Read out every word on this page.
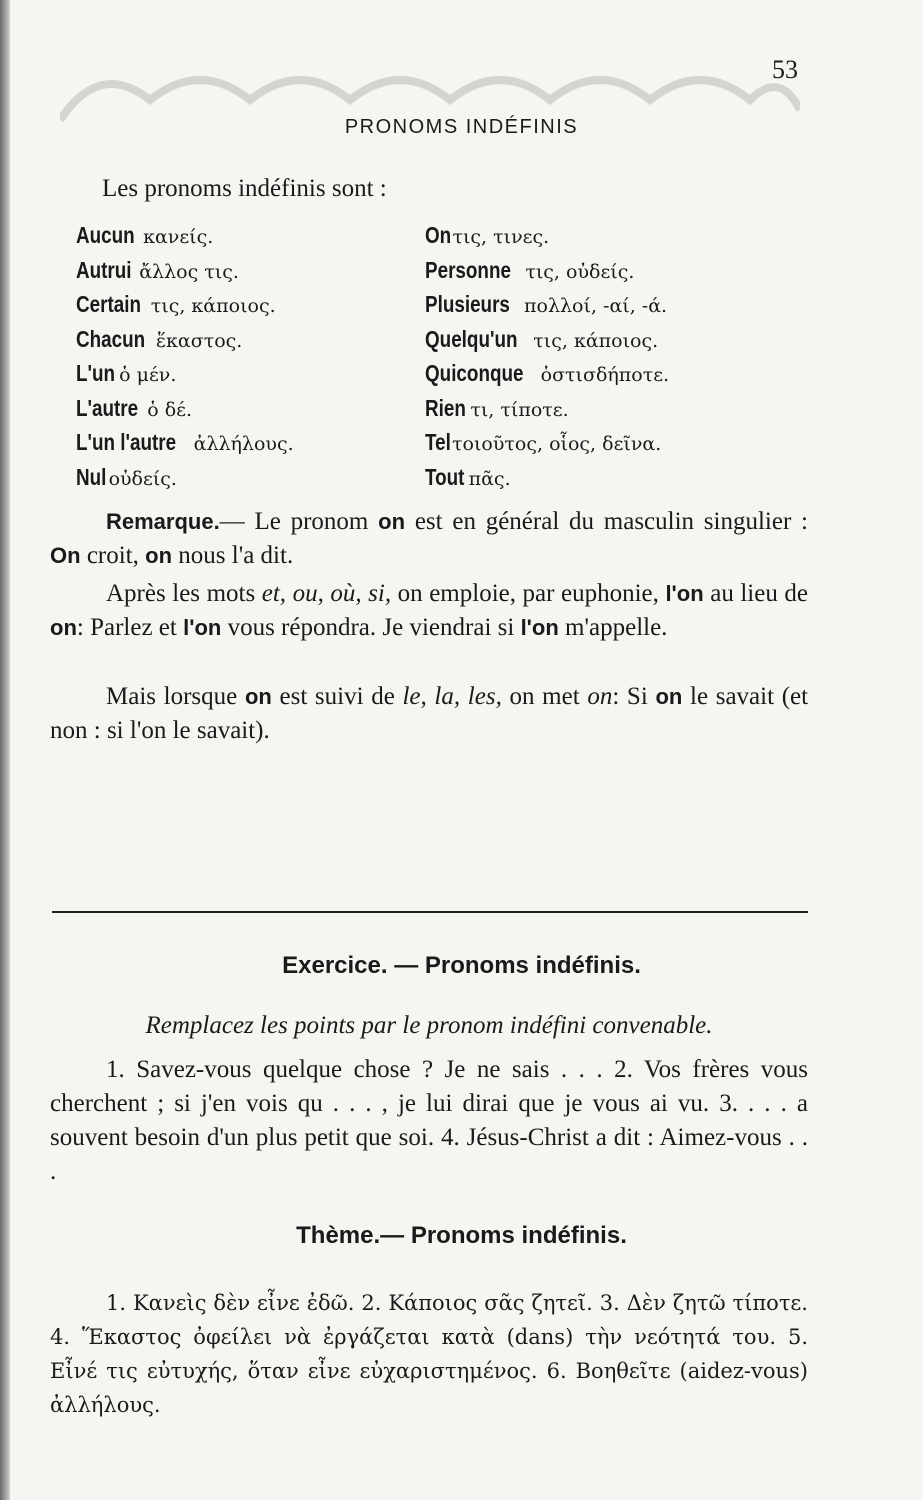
53
PRONOMS INDÉFINIS
Les pronoms indéfinis sont :
Aucun κανείς.
Autrui ἄλλος τις.
Certain τις, κάποιος.
Chacun ἕκαστος.
L'un ὁ μέν.
L'autre ὁ δέ.
L'un l'autre ἀλλήλους.
Nul οὐδείς.
On τις, τινες.
Personne τις, οὐδείς.
Plusieurs πολλοί, -αί, -ά.
Quelqu'un τις, κάποιος.
Quiconque ὁστισδήποτε.
Rien τι, τίποτε.
Tel τοιοῦτος, οἷος, δεῖνα.
Tout πᾶς.

Remarque.— Le pronom on est en général du masculin singulier : On croit, on nous l'a dit.

Après les mots et, ou, où, si, on emploie, par euphonie, l'on au lieu de on: Parlez et l'on vous répondra. Je viendrai si l'on m'appelle.

Mais lorsque on est suivi de le, la, les, on met on: Si on le savait (et non : si l'on le savait).

Exercice. — Pronoms indéfinis.
Remplacez les points par le pronom indéfini convenable.

1. Savez-vous quelque chose ? Je ne sais . . . 2. Vos frères vous cherchent ; si j'en vois qu . . . , je lui dirai que je vous ai vu. 3. . . . a souvent besoin d'un plus petit que soi. 4. Jésus-Christ a dit : Aimez-vous . . .

Thème.— Pronoms indéfinis.

1. Κανεὶς δὲν εἶνε ἐδῶ. 2. Κάποιος σᾶς ζητεῖ. 3. Δὲν ζητῶ τίποτε. 4. Ἕκαστος ὀφείλει νὰ ἐργάζεται κατὰ (dans) τὴν νεότητά του. 5. Εἶνέ τις εὐτυχής, ὅταν εἶνε εὐχαριστημένος. 6. Βοηθεῖτε (aidez-vous) ἀλλήλους.
